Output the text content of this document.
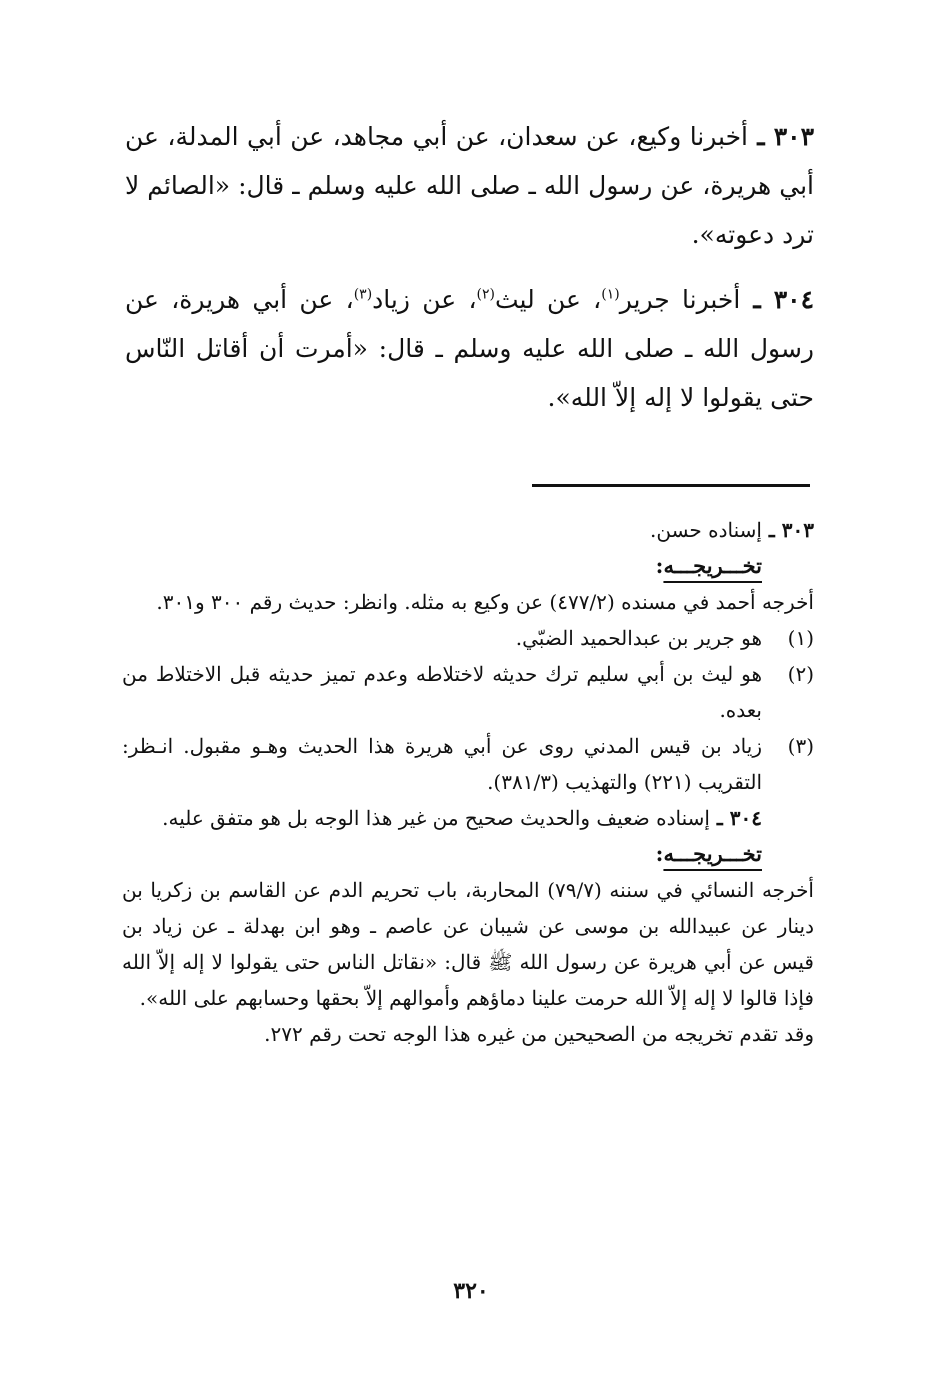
٣٠٣ ـ أخبرنا وكيع، عن سعدان، عن أبي مجاهد، عن أبي المدلة، عن أبي هريرة، عن رسول الله ـ صلى الله عليه وسلم ـ قال: «الصائم لا ترد دعوته».

٣٠٤ ـ أخبرنا جرير$^{(١)}$، عن ليث$^{(٢)}$، عن زياد$^{(٣)}$، عن أبي هريرة، عن رسول الله ـ صلى الله عليه وسلم ـ قال: «أمرت أن أقاتل النّاس حتى يقولوا لا إله إلاّ الله».

٣٠٣ ـ إسناده حسن.

تخـــريجـــه:

أخرجه أحمد في مسنده (٤٧٧/٢) عن وكيع به مثله. وانظر: حديث رقم ٣٠٠ و٣٠١.

(١)
هو جرير بن عبدالحميد الضبّي.
(٢)
هو ليث بن أبي سليم ترك حديثه لاختلاطه وعدم تميز حديثه قبل الاختلاط من بعده.
(٣)
زياد بن قيس المدني روى عن أبي هريرة هذا الحديث وهـو مقبول. انـظر: التقريب (٢٢١) والتهذيب (٣٨١/٣).

٣٠٤ ـ إسناده ضعيف والحديث صحيح من غير هذا الوجه بل هو متفق عليه.

تخـــريجـــه:

أخرجه النسائي في سننه (٧٩/٧) المحاربة، باب تحريم الدم عن القاسم بن زكريا بن دينار عن عبيدالله بن موسى عن شيبان عن عاصم ـ وهو ابن بهدلة ـ عن زياد بن قيس عن أبي هريرة عن رسول الله ﷺ قال: «نقاتل الناس حتى يقولوا لا إله إلاّ الله فإذا قالوا لا إله إلاّ الله حرمت علينا دماؤهم وأموالهم إلاّ بحقها وحسابهم على الله».

وقد تقدم تخريجه من الصحيحين من غيره هذا الوجه تحت رقم ٢٧٢.

٣٢٠
